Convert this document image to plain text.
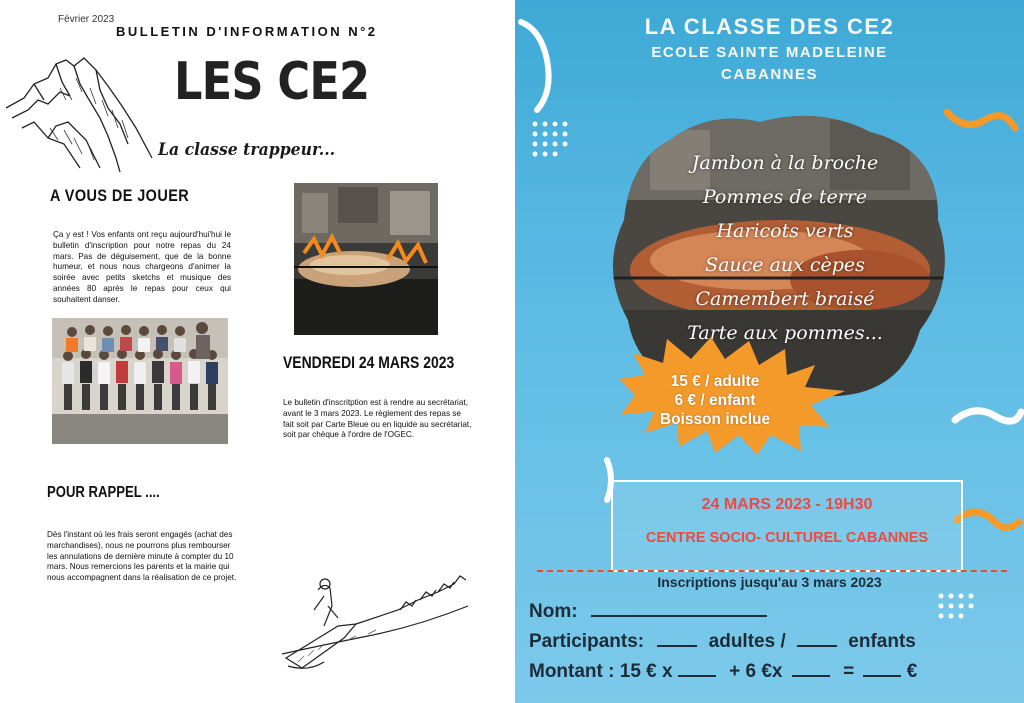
Février 2023
BULLETIN D'INFORMATION N°2
LES CE2
La classe trappeur...
A VOUS DE JOUER
Ça y est ! Vos enfants ont reçu aujourd'hui'hui le bulletin d'inscription pour notre repas du 24 mars. Pas de déguisement, que de la bonne humeur, et nous nous chargeons d'animer la soirée avec petits sketchs et musique des années 80 après le repas pour ceux qui souhaitent danser.
VENDREDI 24 MARS 2023
Le bulletin d'inscritption est à rendre au secrétariat, avant le 3 mars 2023. Le règlement des repas se fait soit par Carte Bleue ou en liquide au secrétariat, soit par chèque à l'ordre de l'OGEC.
POUR RAPPEL ....
Dès l'instant où les frais seront engagés (achat des marchandises), nous ne pourrons plus rembourser les annulations de dernière minute à compter du 10 mars. Nous remercions les parents et la mairie qui nous accompagnent dans la réalisation de ce projet.
LA CLASSE DES CE2
ECOLE SAINTE MADELEINE
CABANNES
Jambon à la broche
Pommes de terre
Haricots verts
Sauce aux cèpes
Camembert braisé
Tarte aux pommes...
15 € / adulte
6 € / enfant
Boisson inclue
24 MARS 2023 - 19H30
CENTRE SOCIO- CULTUREL CABANNES
Inscriptions jusqu'au 3 mars 2023
Nom:
Participants:	adultes /	enfants
Montant : 15 € x	+ 6 €x	=	€
